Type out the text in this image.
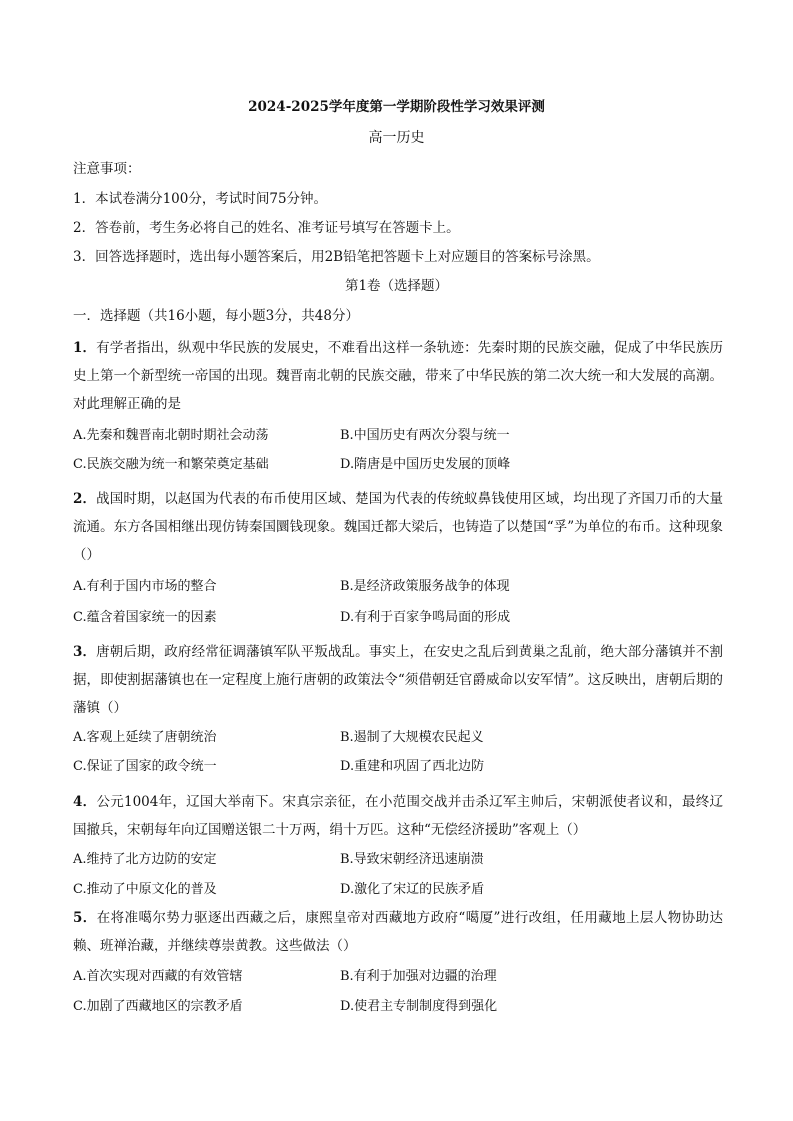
2024-2025学年度第一学期阶段性学习效果评测
高一历史
注意事项：
1．本试卷满分100分，考试时间75分钟。
2．答卷前，考生务必将自己的姓名、准考证号填写在答题卡上。
3．回答选择题时，选出每小题答案后，用2B铅笔把答题卡上对应题目的答案标号涂黑。
第1卷（选择题）
一．选择题（共16小题，每小题3分，共48分）
1．有学者指出，纵观中华民族的发展史，不难看出这样一条轨迹：先秦时期的民族交融，促成了中华民族历史上第一个新型统一帝国的出现。魏晋南北朝的民族交融，带来了中华民族的第二次大统一和大发展的高潮。对此理解正确的是
A.先秦和魏晋南北朝时期社会动荡	B.中国历史有两次分裂与统一
C.民族交融为统一和繁荣奠定基础	D.隋唐是中国历史发展的顶峰
2．战国时期，以赵国为代表的布币使用区域、楚国为代表的传统蚁鼻钱使用区域，均出现了齐国刀币的大量流通。东方各国相继出现仿铸秦国圜钱现象。魏国迁都大梁后，也铸造了以楚国“孚”为单位的布币。这种现象（）
A.有利于国内市场的整合	B.是经济政策服务战争的体现
C.蕴含着国家统一的因素	D.有利于百家争鸣局面的形成
3．唐朝后期，政府经常征调藩镇军队平叛战乱。事实上，在安史之乱后到黄巢之乱前，绝大部分藩镇并不割据，即使割据藩镇也在一定程度上施行唐朝的政策法令“须借朝廷官爵威命以安军情”。这反映出，唐朝后期的藩镇（）
A.客观上延续了唐朝统治	B.遏制了大规模农民起义
C.保证了国家的政令统一	D.重建和巩固了西北边防
4．公元1004年，辽国大举南下。宋真宗亲征，在小范围交战并击杀辽军主帅后，宋朝派使者议和，最终辽国撤兵，宋朝每年向辽国赠送银二十万两，绢十万匹。这种“无偿经济援助”客观上（）
A.维持了北方边防的安定	B.导致宋朝经济迅速崩溃
C.推动了中原文化的普及	D.激化了宋辽的民族矛盾
5．在将准噶尔势力驱逐出西藏之后，康熙皇帝对西藏地方政府“噶厦”进行改组，任用藏地上层人物协助达赖、班禅治藏，并继续尊崇黄教。这些做法（）
A.首次实现对西藏的有效管辖	B.有利于加强对边疆的治理
C.加剧了西藏地区的宗教矛盾	D.使君主专制制度得到强化
